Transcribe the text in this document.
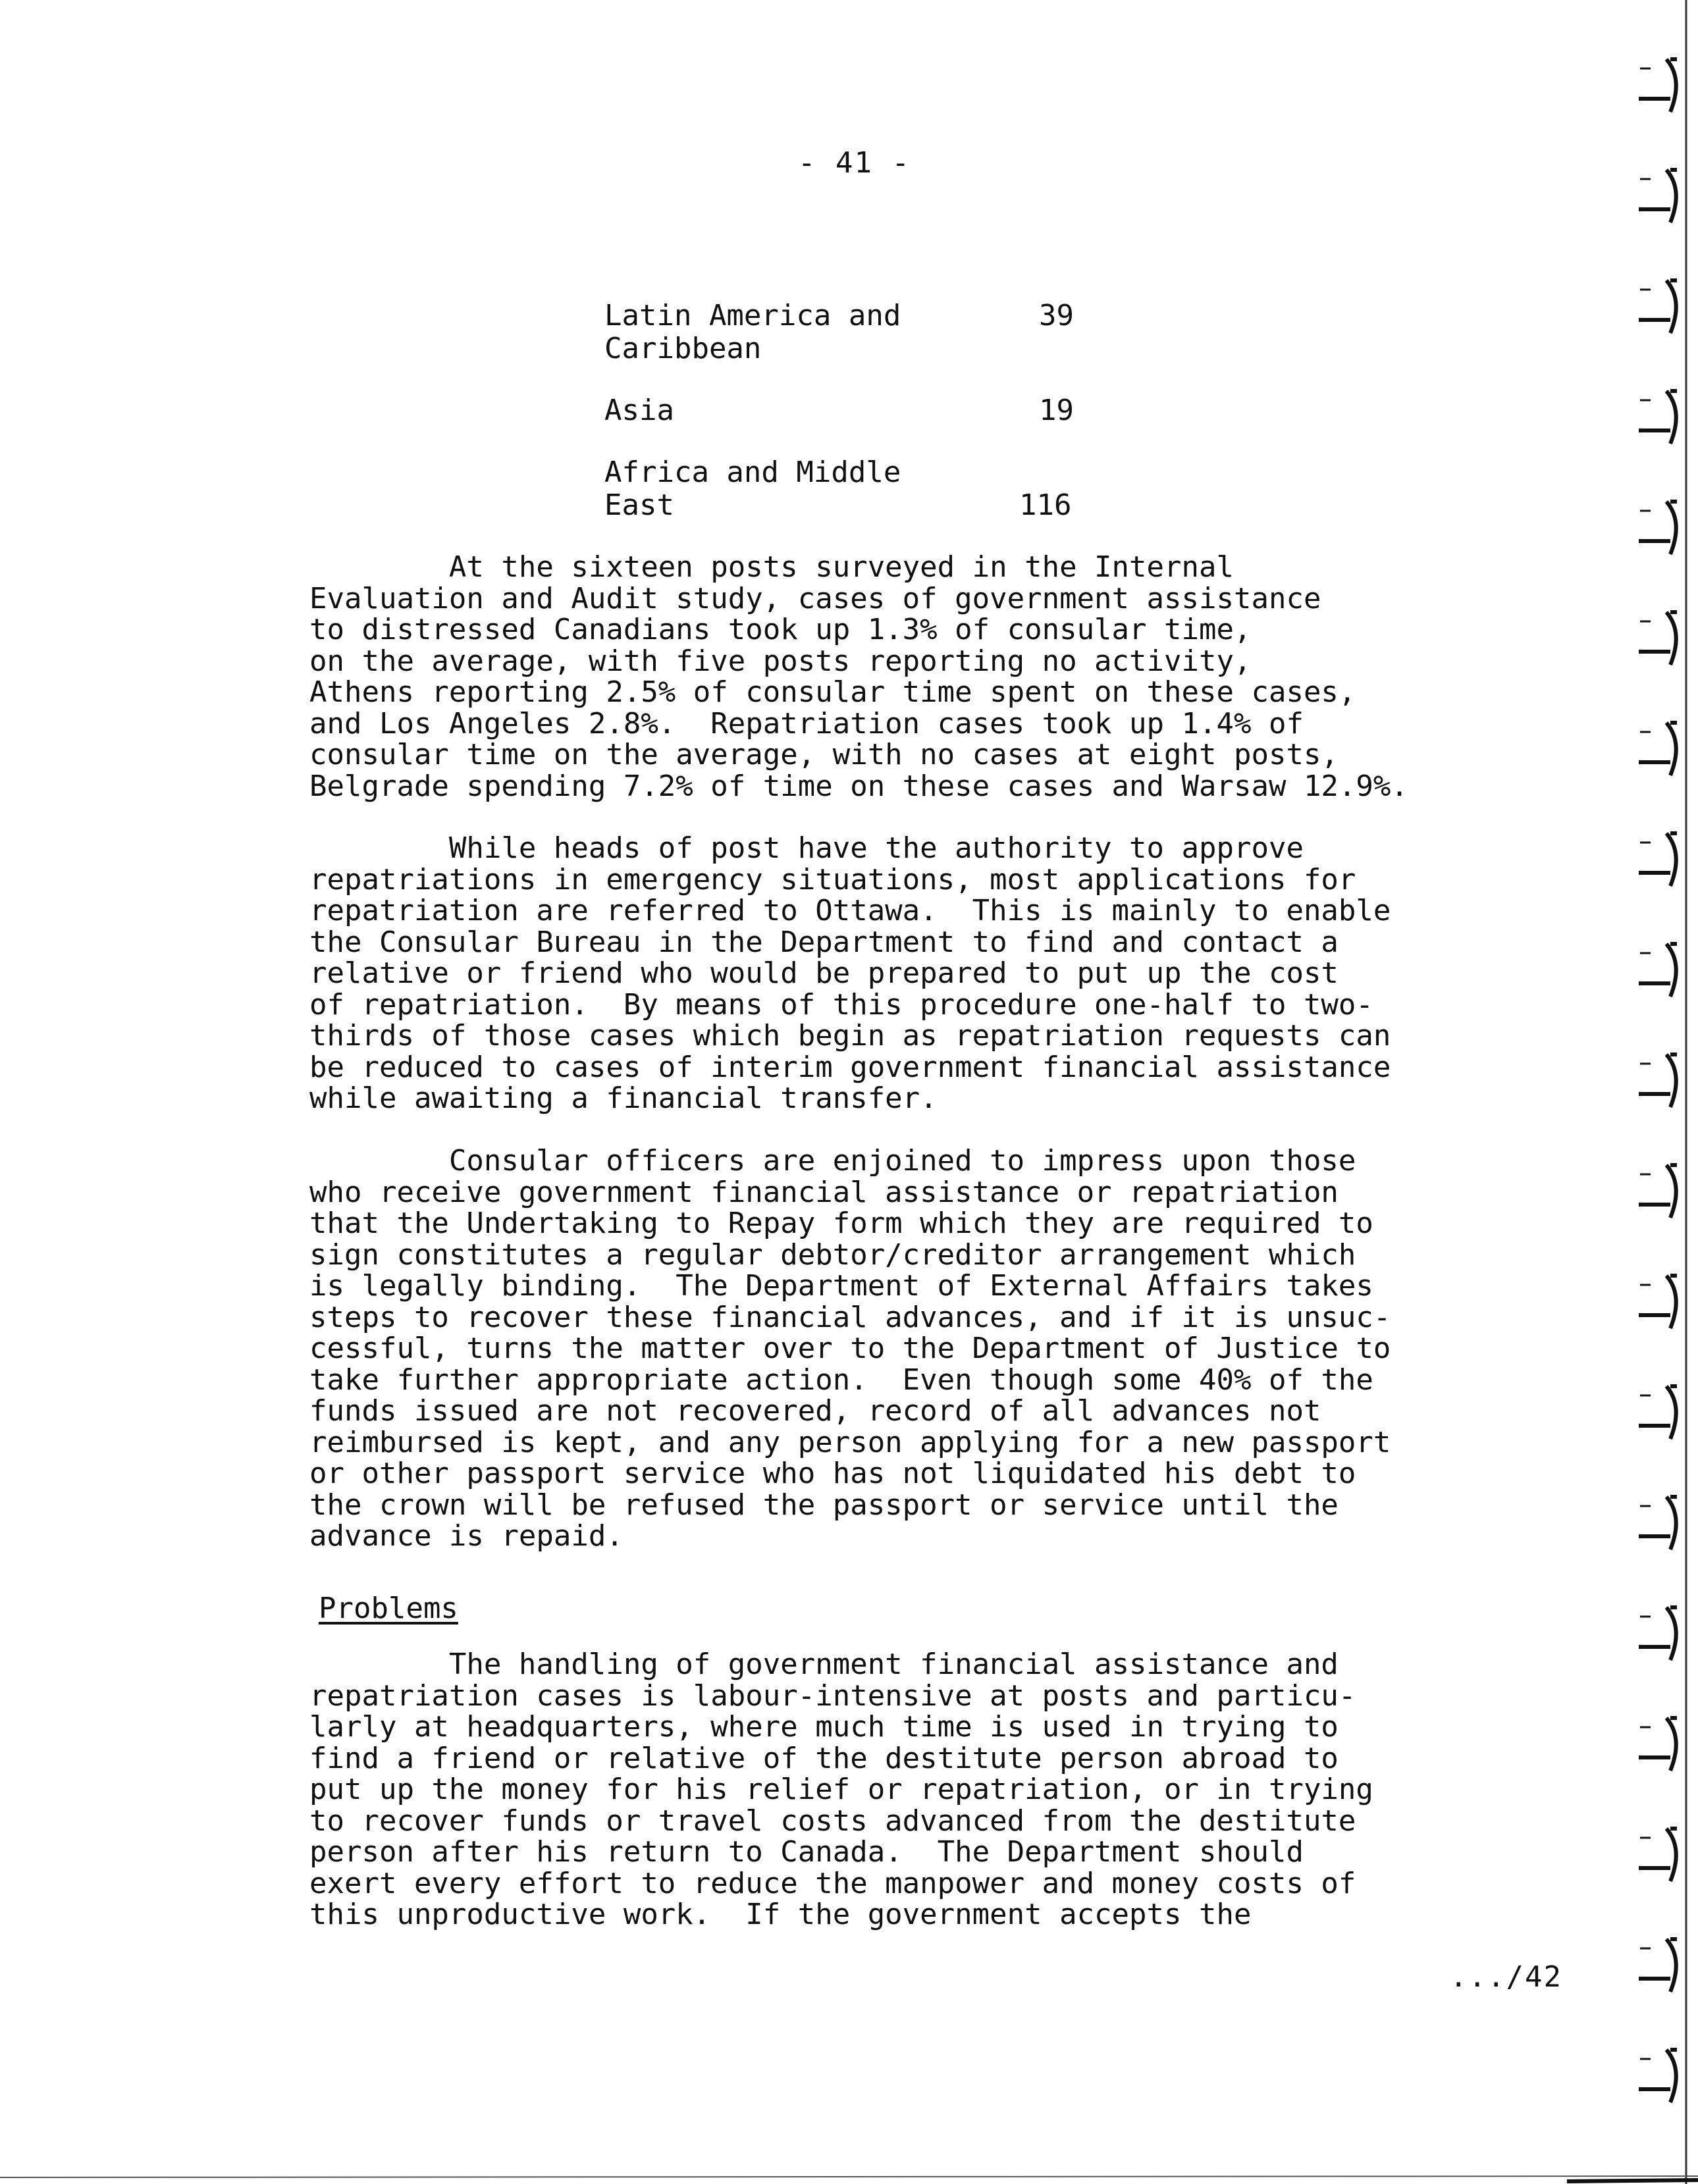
- 41 -
Latin America and
Caribbean
39
Asia	19
Africa and Middle
East	116
At the sixteen posts surveyed in the Internal
Evaluation and Audit study, cases of government assistance
to distressed Canadians took up 1.3% of consular time,
on the average, with five posts reporting no activity,
Athens reporting 2.5% of consular time spent on these cases,
and Los Angeles 2.8%.  Repatriation cases took up 1.4% of
consular time on the average, with no cases at eight posts,
Belgrade spending 7.2% of time on these cases and Warsaw 12.9%.
While heads of post have the authority to approve
repatriations in emergency situations, most applications for
repatriation are referred to Ottawa.  This is mainly to enable
the Consular Bureau in the Department to find and contact a
relative or friend who would be prepared to put up the cost
of repatriation.  By means of this procedure one-half to two-
thirds of those cases which begin as repatriation requests can
be reduced to cases of interim government financial assistance
while awaiting a financial transfer.
Consular officers are enjoined to impress upon those
who receive government financial assistance or repatriation
that the Undertaking to Repay form which they are required to
sign constitutes a regular debtor/creditor arrangement which
is legally binding.  The Department of External Affairs takes
steps to recover these financial advances, and if it is unsuc-
cessful, turns the matter over to the Department of Justice to
take further appropriate action.  Even though some 40% of the
funds issued are not recovered, record of all advances not
reimbursed is kept, and any person applying for a new passport
or other passport service who has not liquidated his debt to
the crown will be refused the passport or service until the
advance is repaid.
Problems
The handling of government financial assistance and
repatriation cases is labour-intensive at posts and particu-
larly at headquarters, where much time is used in trying to
find a friend or relative of the destitute person abroad to
put up the money for his relief or repatriation, or in trying
to recover funds or travel costs advanced from the destitute
person after his return to Canada.  The Department should
exert every effort to reduce the manpower and money costs of
this unproductive work.  If the government accepts the
.../42
